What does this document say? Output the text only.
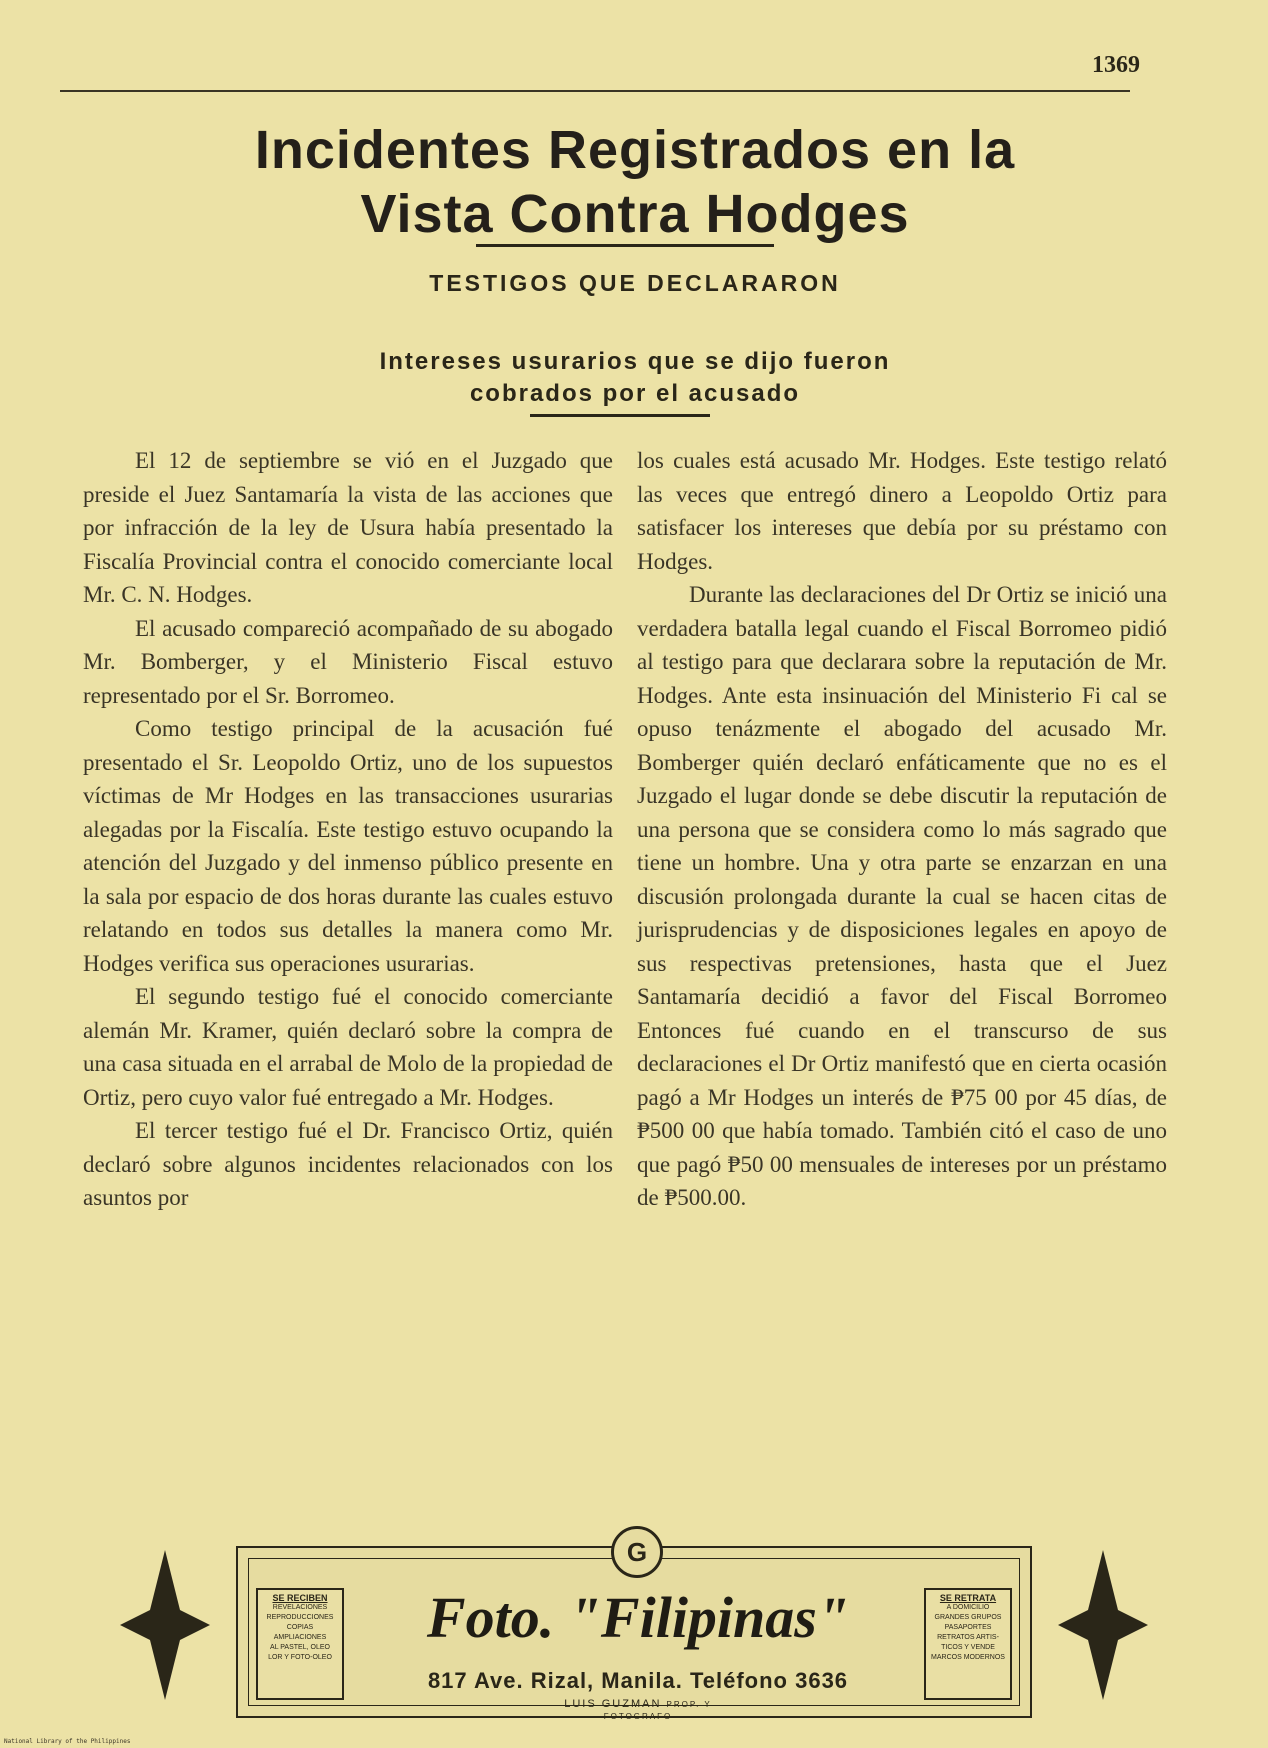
1369
Incidentes Registrados en la
Vista Contra Hodges
TESTIGOS QUE DECLARARON
Intereses usurarios que se dijo fueron
cobrados por el acusado

El 12 de septiembre se vió en el Juzgado que preside el Juez Santamaría la vista de las acciones que por infracción de la ley de Usura había presentado la Fiscalía Provincial contra el conocido comerciante local Mr. C. N. Hodges.

El acusado compareció acompañado de su abogado Mr. Bomberger, y el Ministerio Fiscal estuvo representado por el Sr. Borromeo.

Como testigo principal de la acusación fué presentado el Sr. Leopoldo Ortiz, uno de los supuestos víctimas de Mr Hodges en las transacciones usurarias alegadas por la Fiscalía. Este testigo estuvo ocupando la atención del Juzgado y del inmenso público presente en la sala por espacio de dos horas durante las cuales estuvo relatando en todos sus detalles la manera como Mr. Hodges verifica sus operaciones usurarias.

El segundo testigo fué el conocido comerciante alemán Mr. Kramer, quién declaró sobre la compra de una casa situada en el arrabal de Molo de la propiedad de Ortiz, pero cuyo valor fué entregado a Mr. Hodges.

El tercer testigo fué el Dr. Francisco Ortiz, quién declaró sobre algunos incidentes relacionados con los asuntos por

los cuales está acusado Mr. Hodges. Este testigo relató las veces que entregó dinero a Leopoldo Ortiz para satisfacer los intereses que debía por su préstamo con Hodges.

Durante las declaraciones del Dr Ortiz se inició una verdadera batalla legal cuando el Fiscal Borromeo pidió al testigo para que declarara sobre la reputación de Mr. Hodges. Ante esta insinuación del Ministerio Fi cal se opuso tenázmente el abogado del acusado Mr. Bomberger quién declaró enfáticamente que no es el Juzgado el lugar donde se debe discutir la reputación de una persona que se considera como lo más sagrado que tiene un hombre. Una y otra parte se enzarzan en una discusión prolongada durante la cual se hacen citas de jurisprudencias y de disposiciones legales en apoyo de sus respectivas pretensiones, hasta que el Juez Santamaría decidió a favor del Fiscal Borromeo Entonces fué cuando en el transcurso de sus declaraciones el Dr Ortiz manifestó que en cierta ocasión pagó a Mr Hodges un interés de ₱75 00 por 45 días, de ₱500 00 que había tomado. También citó el caso de uno que pagó ₱50 00 mensuales de intereses por un préstamo de ₱500.00.

G
SE RECIBEN
REVELACIONES
REPRODUCCIONES
COPIAS
AMPLIACIONES
AL PASTEL, OLEO
LOR Y FOTO-OLEO
Foto. "Filipinas"
817 Ave. Rizal, Manila. Teléfono 3636
LUIS GUZMAN PROP. Y FOTOGRAFO
SE RETRATA
A DOMICILIO
GRANDES GRUPOS
PASAPORTES
RETRATOS ARTIS-
TICOS Y VENDE
MARCOS MODERNOS
National Library of the Philippines
